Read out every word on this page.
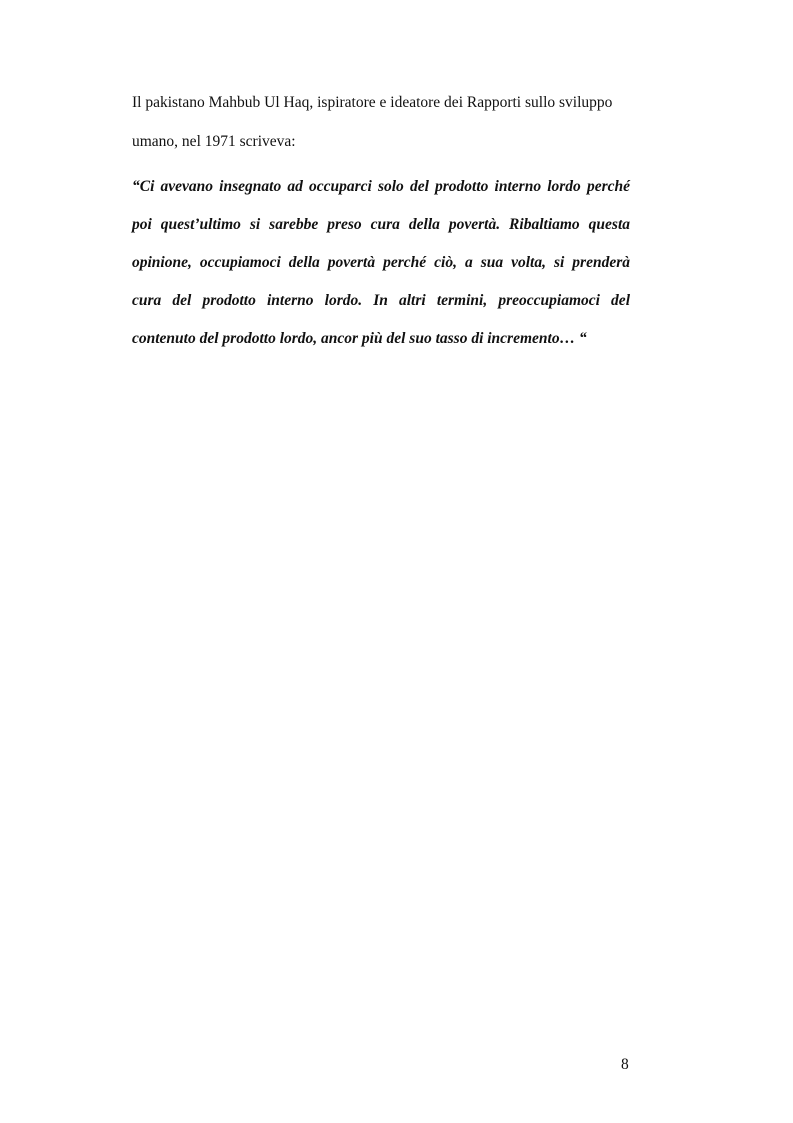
Il pakistano Mahbub Ul Haq, ispiratore e ideatore dei Rapporti sullo sviluppo
umano, nel 1971 scriveva:
“Ci avevano insegnato ad occuparci solo del prodotto interno lordo perché
poi quest’ultimo si sarebbe preso cura della povertà. Ribaltiamo questa
opinione, occupiamoci della povertà perché ciò, a sua volta, si prenderà
cura del prodotto interno lordo. In altri termini, preoccupiamoci del
contenuto del prodotto lordo, ancor più del suo tasso di incremento… “
8
